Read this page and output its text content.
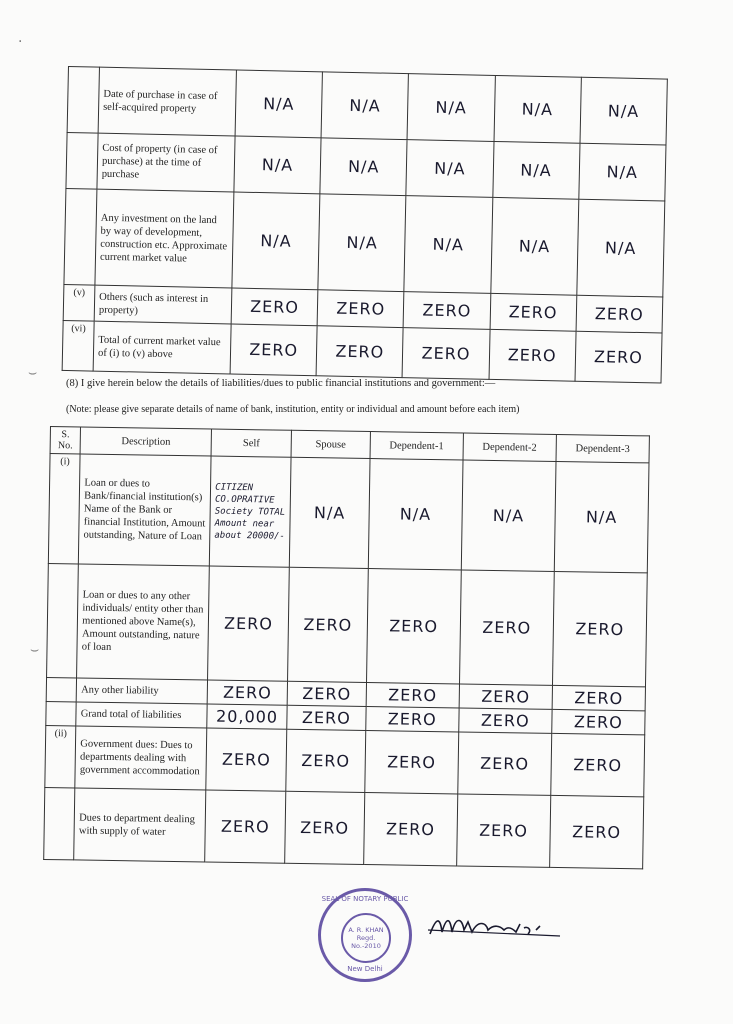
·
⌣
⌣
	Date of purchase in case of self-acquired property	N/A	N/A	N/A	N/A	N/A
	Cost of property (in case of purchase) at the time of purchase	N/A	N/A	N/A	N/A	N/A
	Any investment on the land by way of development, construction etc. Approximate current market value	N/A	N/A	N/A	N/A	N/A
(v)	Others (such as interest in property)	ZERO	ZERO	ZERO	ZERO	ZERO
(vi)	Total of current market value of (i) to (v) above	ZERO	ZERO	ZERO	ZERO	ZERO
(8) I give herein below the details of liabilities/dues to public financial institutions and government:—
(Note: please give separate details of name of bank, institution, entity or individual and amount before each item)
S. No.	Description	Self	Spouse	Dependent-1	Dependent-2	Dependent-3
(i)	Loan or dues to Bank/financial institution(s) Name of the Bank or financial Institution, Amount outstanding, Nature of Loan	CITIZEN CO.OPRATIVE Society TOTAL Amount near about 20000/-	N/A	N/A	N/A	N/A
	Loan or dues to any other individuals/ entity other than mentioned above Name(s), Amount outstanding, nature of loan	ZERO	ZERO	ZERO	ZERO	ZERO
	Any other liability	ZERO	ZERO	ZERO	ZERO	ZERO
	Grand total of liabilities	20,000	ZERO	ZERO	ZERO	ZERO
(ii)	Government dues: Dues to departments dealing with government accommodation	ZERO	ZERO	ZERO	ZERO	ZERO
	Dues to department dealing with supply of water	ZERO	ZERO	ZERO	ZERO	ZERO
SEAL OF NOTARY PUBLIC
A. R. KHAN
Regd. No.-2010
New Delhi
